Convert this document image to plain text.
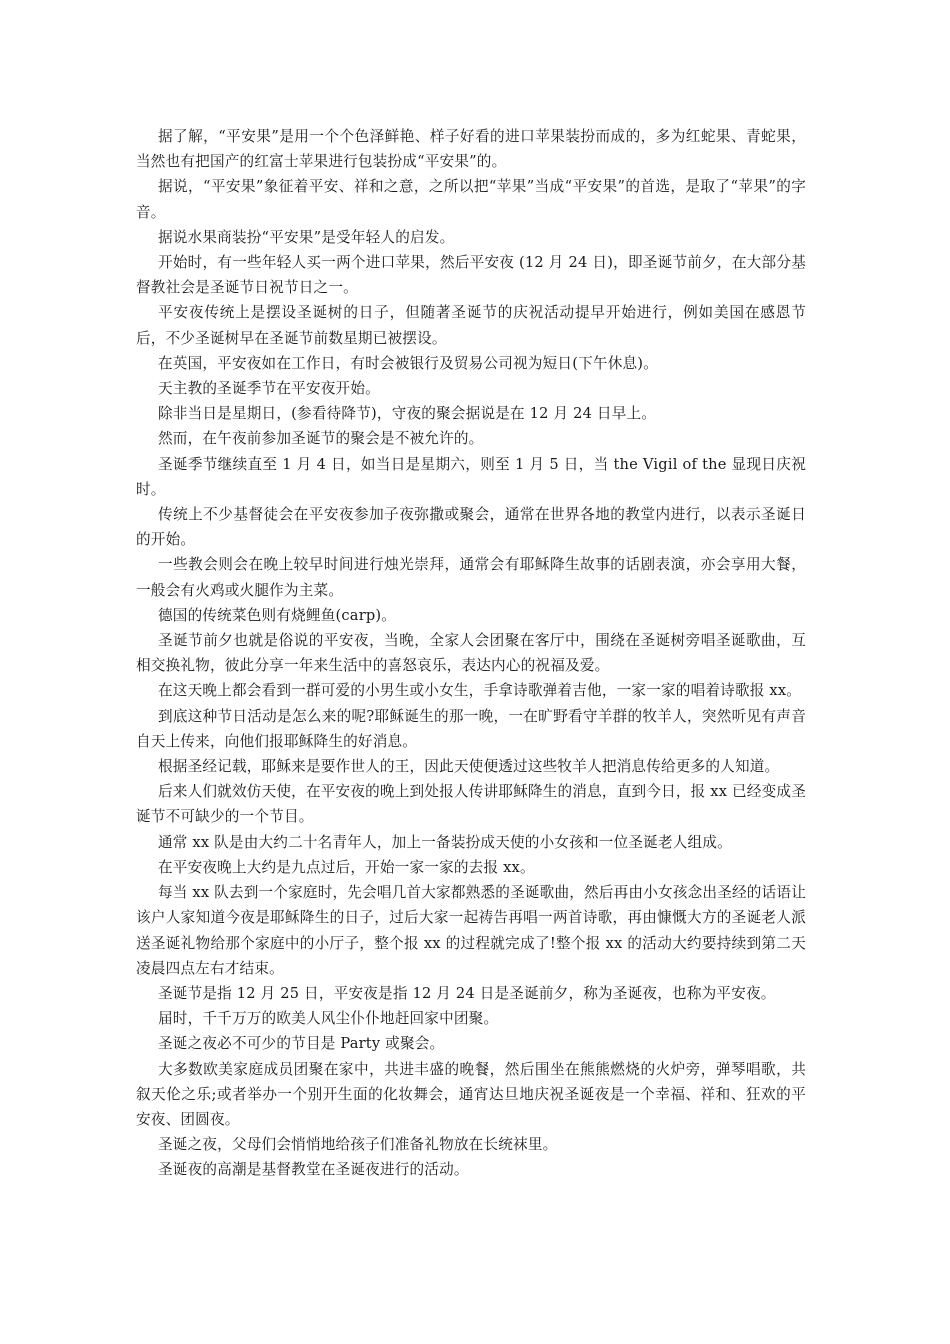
据了解，“平安果”是用一个个色泽鲜艳、样子好看的进口苹果装扮而成的，多为红蛇果、青蛇果，当然也有把国产的红富士苹果进行包装扮成“平安果”的。

据说，“平安果”象征着平安、祥和之意，之所以把“苹果”当成“平安果”的首选，是取了“苹果”的字音。

据说水果商装扮“平安果”是受年轻人的启发。

开始时，有一些年轻人买一两个进口苹果，然后平安夜 (12 月 24 日)，即圣诞节前夕，在大部分基督教社会是圣诞节日祝节日之一。

平安夜传统上是摆设圣诞树的日子，但随著圣诞节的庆祝活动提早开始进行，例如美国在感恩节后，不少圣诞树早在圣诞节前数星期已被摆设。

在英国，平安夜如在工作日，有时会被银行及贸易公司视为短日(下午休息)。

天主教的圣诞季节在平安夜开始。

除非当日是星期日，(参看待降节)，守夜的聚会据说是在 12 月 24 日早上。

然而，在午夜前参加圣诞节的聚会是不被允许的。

圣诞季节继续直至 1 月 4 日，如当日是星期六，则至 1 月 5 日，当 the Vigil of the 显现日庆祝时。

传统上不少基督徒会在平安夜参加子夜弥撒或聚会，通常在世界各地的教堂内进行，以表示圣诞日的开始。

一些教会则会在晚上较早时间进行烛光崇拜，通常会有耶稣降生故事的话剧表演，亦会享用大餐，一般会有火鸡或火腿作为主菜。

德国的传统菜色则有烧鲤鱼(carp)。

圣诞节前夕也就是俗说的平安夜，当晚，全家人会团聚在客厅中，围绕在圣诞树旁唱圣诞歌曲，互相交换礼物，彼此分享一年来生活中的喜怒哀乐，表达内心的祝福及爱。

在这天晚上都会看到一群可爱的小男生或小女生，手拿诗歌弹着吉他，一家一家的唱着诗歌报 xx。

到底这种节日活动是怎么来的呢?耶稣诞生的那一晚，一在旷野看守羊群的牧羊人，突然听见有声音自天上传来，向他们报耶稣降生的好消息。

根据圣经记载，耶稣来是要作世人的王，因此天使便透过这些牧羊人把消息传给更多的人知道。

后来人们就效仿天使，在平安夜的晚上到处报人传讲耶稣降生的消息，直到今日，报 xx 已经变成圣诞节不可缺少的一个节目。

通常 xx 队是由大约二十名青年人，加上一备装扮成天使的小女孩和一位圣诞老人组成。

在平安夜晚上大约是九点过后，开始一家一家的去报 xx。

每当 xx 队去到一个家庭时，先会唱几首大家都熟悉的圣诞歌曲，然后再由小女孩念出圣经的话语让该户人家知道今夜是耶稣降生的日子，过后大家一起祷告再唱一两首诗歌，再由慷慨大方的圣诞老人派送圣诞礼物给那个家庭中的小厅子，整个报 xx 的过程就完成了!整个报 xx 的活动大约要持续到第二天凌晨四点左右才结束。

圣诞节是指 12 月 25 日，平安夜是指 12 月 24 日是圣诞前夕，称为圣诞夜，也称为平安夜。

届时，千千万万的欧美人风尘仆仆地赶回家中团聚。

圣诞之夜必不可少的节目是 Party 或聚会。

大多数欧美家庭成员团聚在家中，共进丰盛的晚餐，然后围坐在熊熊燃烧的火炉旁，弹琴唱歌，共叙天伦之乐;或者举办一个别开生面的化妆舞会，通宵达旦地庆祝圣诞夜是一个幸福、祥和、狂欢的平安夜、团圆夜。

圣诞之夜，父母们会悄悄地给孩子们准备礼物放在长统袜里。

圣诞夜的高潮是基督教堂在圣诞夜进行的活动。
